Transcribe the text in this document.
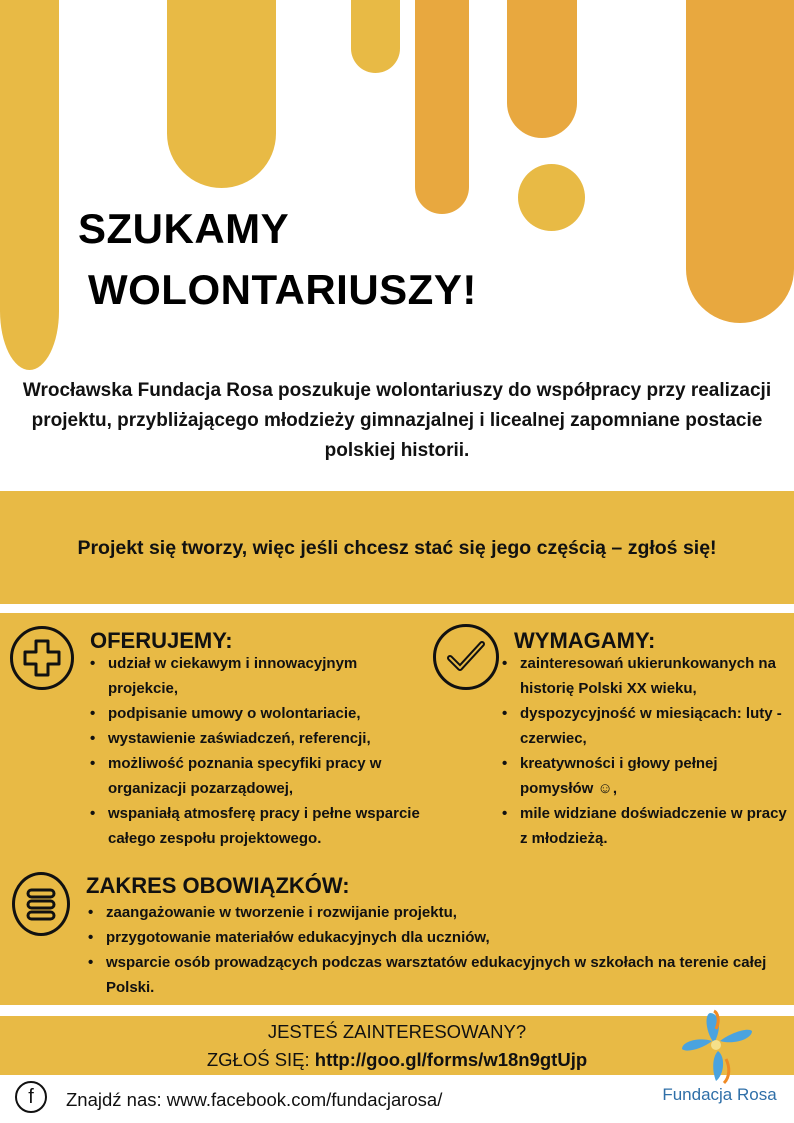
SZUKAMY
WOLONTARIUSZY!
Wrocławska Fundacja Rosa poszukuje wolontariuszy do współpracy przy realizacji projektu, przybliżającego młodzieży gimnazjalnej i licealnej zapomniane postacie polskiej historii.
Projekt się tworzy, więc jeśli chcesz stać się jego częścią – zgłoś się!
OFERUJEMY:
• udział w ciekawym i innowacyjnym projekcie,
• podpisanie umowy o wolontariacie,
• wystawienie zaświadczeń, referencji,
• możliwość poznania specyfiki pracy w organizacji pozarządowej,
• wspaniałą atmosferę pracy i pełne wsparcie całego zespołu projektowego.
WYMAGAMY:
• zainteresowań ukierunkowanych na historię Polski XX wieku,
• dyspozycyjność w miesiącach: luty - czerwiec,
• kreatywności i głowy pełnej pomysłów ☺,
• mile widziane doświadczenie w pracy z młodzieżą.
ZAKRES OBOWIĄZKÓW:
• zaangażowanie w tworzenie i rozwijanie projektu,
• przygotowanie materiałów edukacyjnych dla uczniów,
• wsparcie osób prowadzących podczas warsztatów edukacyjnych w szkołach na terenie całej Polski.
JESTEŚ ZAINTERESOWANY?
ZGŁOŚ SIĘ: http://goo.gl/forms/w18n9gtUjp
f	Znajdź nas: www.facebook.com/fundacjarosa/	Fundacja Rosa
